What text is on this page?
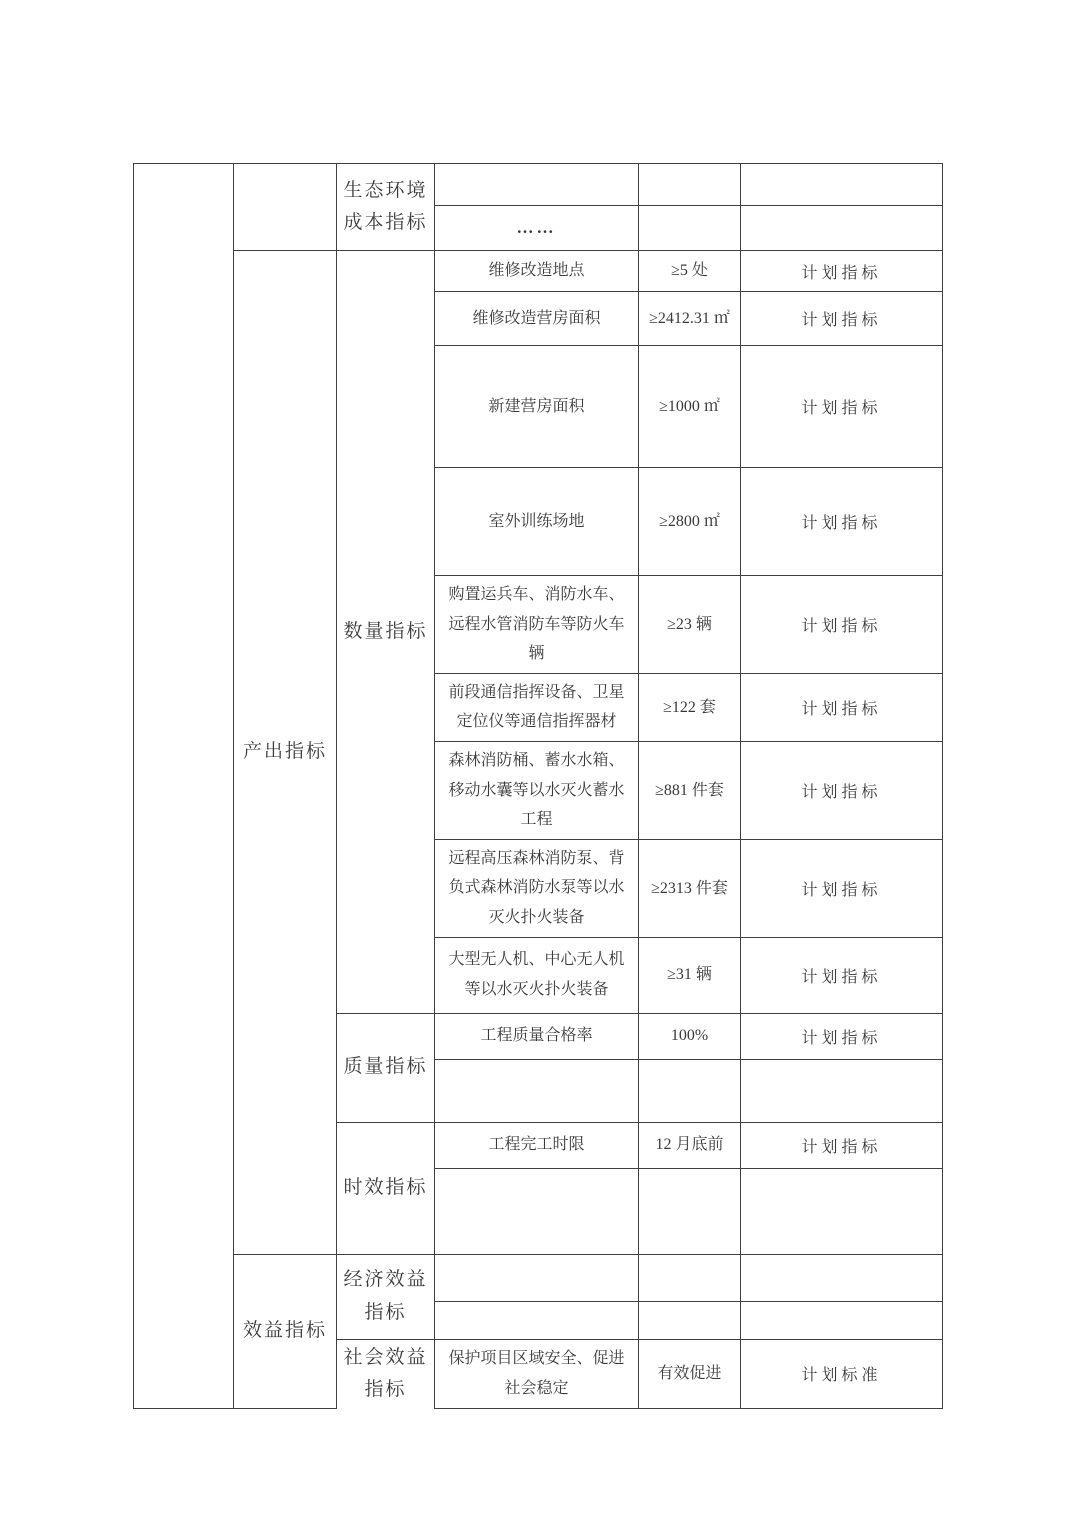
		生态环境成本指标			
			……		
	产出指标	数量指标	维修改造地点	≥5 处	计划指标
			维修改造营房面积	≥2412.31 ㎡	计划指标
			新建营房面积	≥1000 ㎡	计划指标
			室外训练场地	≥2800 ㎡	计划指标
			购置运兵车、消防水车、远程水管消防车等防火车辆	≥23 辆	计划指标
			前段通信指挥设备、卫星定位仪等通信指挥器材	≥122 套	计划指标
			森林消防桶、蓄水水箱、移动水囊等以水灭火蓄水工程	≥881 件套	计划指标
			远程高压森林消防泵、背负式森林消防水泵等以水灭火扑火装备	≥2313 件套	计划指标
			大型无人机、中心无人机等以水灭火扑火装备	≥31 辆	计划指标
		质量指标	工程质量合格率	100%	计划指标

		时效指标	工程完工时限	12 月底前	计划指标

	效益指标	经济效益指标			

		社会效益指标	保护项目区域安全、促进社会稳定	有效促进	计划标准
